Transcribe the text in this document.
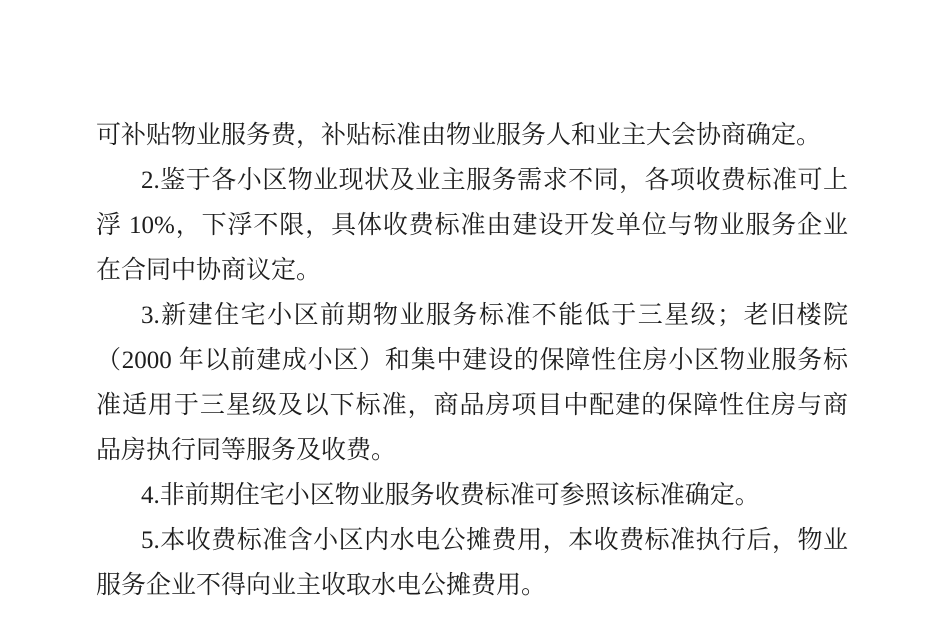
可补贴物业服务费，补贴标准由物业服务人和业主大会协商确定。
2.鉴于各小区物业现状及业主服务需求不同，各项收费标准可上
浮 10%，下浮不限，具体收费标准由建设开发单位与物业服务企业
在合同中协商议定。
3.新建住宅小区前期物业服务标准不能低于三星级；老旧楼院
（2000 年以前建成小区）和集中建设的保障性住房小区物业服务标
准适用于三星级及以下标准，商品房项目中配建的保障性住房与商
品房执行同等服务及收费。
4.非前期住宅小区物业服务收费标准可参照该标准确定。
5.本收费标准含小区内水电公摊费用，本收费标准执行后，物业
服务企业不得向业主收取水电公摊费用。
